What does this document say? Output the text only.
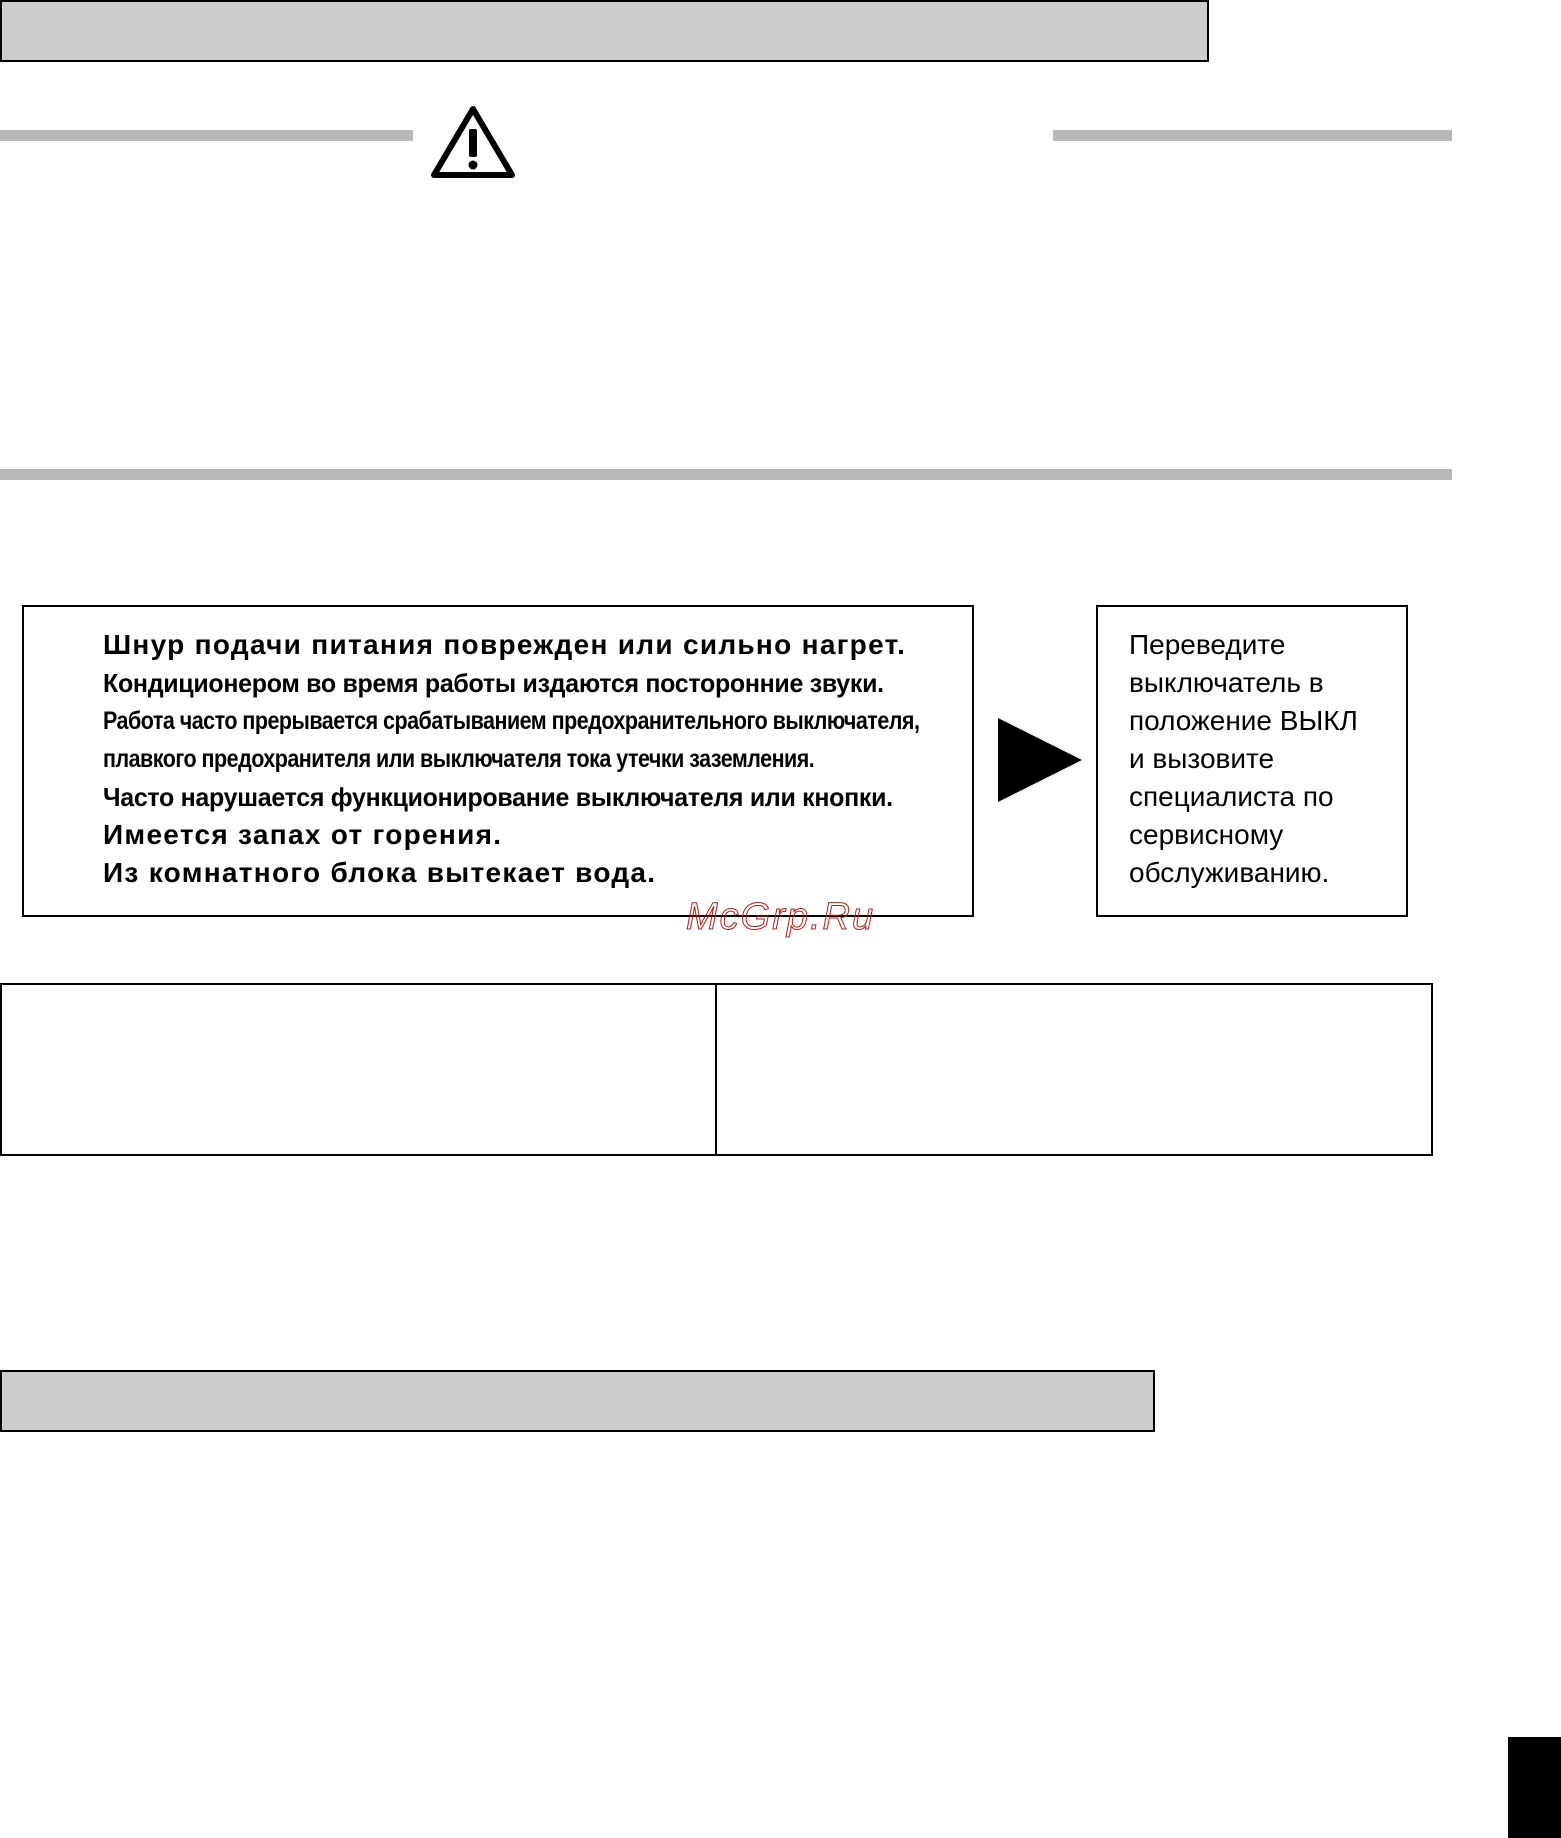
Шнур подачи питания поврежден или сильно нагрет.
Кондиционером во время работы издаются посторонние звуки.
Работа часто прерывается срабатыванием предохранительного выключателя,
плавкого предохранителя или выключателя тока утечки заземления.
Часто нарушается функционирование выключателя или кнопки.
Имеется запах от горения.
Из комнатного блока вытекает вода.
Переведите
выключатель в
положение ВЫКЛ
и вызовите
специалиста по
сервисному
обслуживанию.
McGrp.Ru
